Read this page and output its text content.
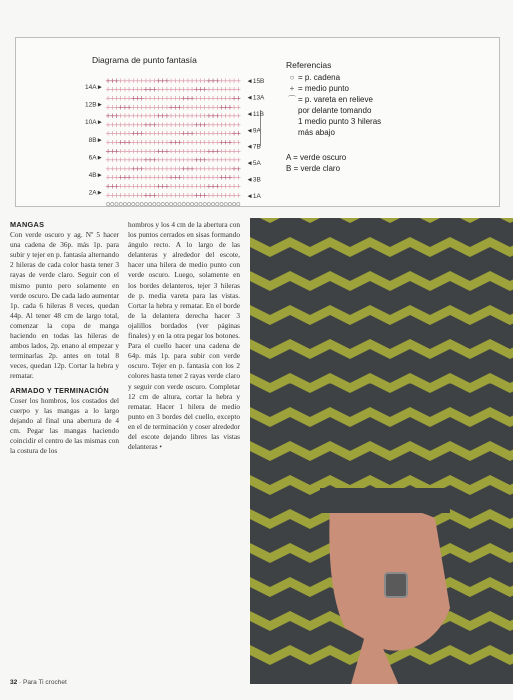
Diagrama de punto fantasía
+
+
+
+
+
+
+
+
+
+
+
+
+
+
+
+
+
+
+
+
+
+
+
+
+
+
+
+
+
+
+
+
+
+
+
+
+
+
+
+
+
+
+
+
+
+
+
+
+
+
+
+
+
+
+
+
+
+
+
+
+
+
+
+
+
+
+
+
+
+
+
+
+
+
+
+
+
+
+
+
+
+
+
+
+
+
+
+
+
+
+
+
+
+
+
+
+
+
+
+
+
+
+
+
+
+
+
+
+
+
+
+
+
+
+
+
+
+
+
+
+
+
+
+
+
+
+
+
+
+
+
+
+
+
+
+
+
+
+
+
+
+
+
+
+
+
+
+
+
+
+
+
+
+
+
+
+
+
+
+
+
+
+
+
+
+
+
+
+
+
+
+
+
+
+
+
+
+
+
+
+
+
+
+
+
+
+
+
+
+
+
+
+
+
+
+
+
+
+
+
+
+
+
+
+
+
+
+
+
+
+
+
+
+
+
+
+
+
+
+
+
+
+
+
+
+
+
+
+
+
+
+
+
+
+
+
+
+
+
+
+
+
+
+
+
+
+
+
+
+
+
+
+
+
+
+
+
+
+
+
+
+
+
+
+
+
+
+
+
+
+
+
+
+
+
+
+
+
+
+
+
+
+
+
+
+
+
+
+
+
+
+
+
+
+
+
+
+
+
+
+
+
+
+
+
+
+
+
+
+
+
+
+
+
+
+
+
+
+
+
+
+
+
+
+
+
+
+
+
+
+
+
+
+
+
+
+
+
+
+
+
+
+
+
+
+
+
+
+
+
+
+
+
+
+
+
+
+
+
+
+
+
+
+
+
+
+
+
+
+
+
+
+
+
+
+
+
+
+
+
+
+
+
+
+
+
+
+
+
+
+
+
+
+
+
+
+
+
+
+
+
+
+
+
+
+
+
+
+
+
+
+
+
+
+
+
+
+
+
+
+
+
+
+
+
+
+
+
+
+
+
+
+
+
+
+
+
+
+
+
+
+
+
+
+
+
+
+
◄15B
◄13A
◄11B
◄9A
◄7B
◄5A
◄3B
◄1A
14A►
12B►
10A►
8B►
6A►
4B►
2A►
Referencias
○ = p. cadena
+ = medio punto
⌒ = p. vareta en relieve
por delante tomando
1 medio punto 3 hileras
más abajo
A = verde oscuro
B = verde claro
MANGAS

Con verde oscuro y ag. Nº 5 hacer una cadena de 36p. más 1p. para subir y tejer en p. fantasía alternando 2 hileras de cada color hasta tener 3 rayas de verde claro. Seguir con el mismo punto pero solamente en verde oscuro. De cada lado aumentar 1p. cada 6 hileras 8 veces, quedan 44p. Al tener 48 cm de largo total, comenzar la copa de manga haciendo en todas las hileras de ambos lados, 2p. enano al empezar y terminarlas 2p. antes en total 8 veces, quedan 12p. Cortar la hebra y rematar.

ARMADO Y TERMINACIÓN

Coser los hombros, los costados del cuerpo y las mangas a lo largo dejando al final una abertura de 4 cm. Pegar las mangas haciendo coincidir el centro de las mismas con la costura de los

hombros y los 4 cm de la abertura con los puntos cerrados en sisas formando ángulo recto. A lo largo de las delanteras y alrededor del escote, hacer una hilera de medio punto con verde oscuro. Luego, solamente en los bordes delanteros, tejer 3 hileras de p. media vareta para las vistas. Cortar la hebra y rematar. En el borde de la delantera derecha hacer 3 ojalillos bordados (ver páginas finales) y en la otra pegar los botones. Para el cuello hacer una cadena de 64p. más 1p. para subir con verde oscuro. Tejer en p. fantasía con los 2 colores hasta tener 2 rayas verde claro y seguir con verde oscuro. Completar 12 cm de altura, cortar la hebra y rematar. Hacer 1 hilera de medio punto en 3 bordes del cuello, excepto en el de terminación y coser alrededor del escote dejando libres las vistas delanteras •

32 · Para Ti crochet
